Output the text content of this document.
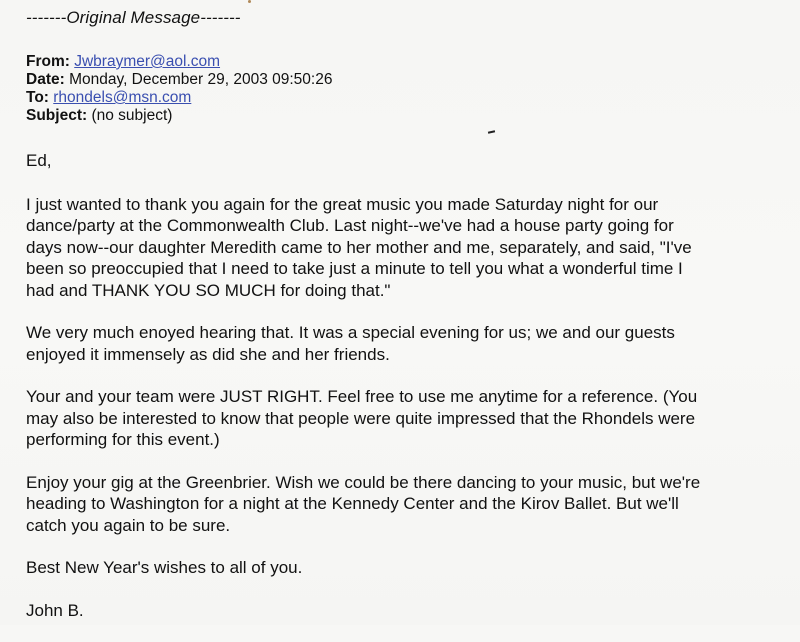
-------Original Message-------
From: Jwbraymer@aol.com
Date: Monday, December 29, 2003 09:50:26
To: rhondels@msn.com
Subject: (no subject)

Ed,

I just wanted to thank you again for the great music you made Saturday night for our
dance/party at the Commonwealth Club. Last night--we've had a house party going for
days now--our daughter Meredith came to her mother and me, separately, and said, "I've
been so preoccupied that I need to take just a minute to tell you what a wonderful time I
had and THANK YOU SO MUCH for doing that."

We very much enoyed hearing that. It was a special evening for us; we and our guests
enjoyed it immensely as did she and her friends.

Your and your team were JUST RIGHT. Feel free to use me anytime for a reference. (You
may also be interested to know that people were quite impressed that the Rhondels were
performing for this event.)

Enjoy your gig at the Greenbrier. Wish we could be there dancing to your music, but we're
heading to Washington for a night at the Kennedy Center and the Kirov Ballet. But we'll
catch you again to be sure.

Best New Year's wishes to all of you.

John B.
